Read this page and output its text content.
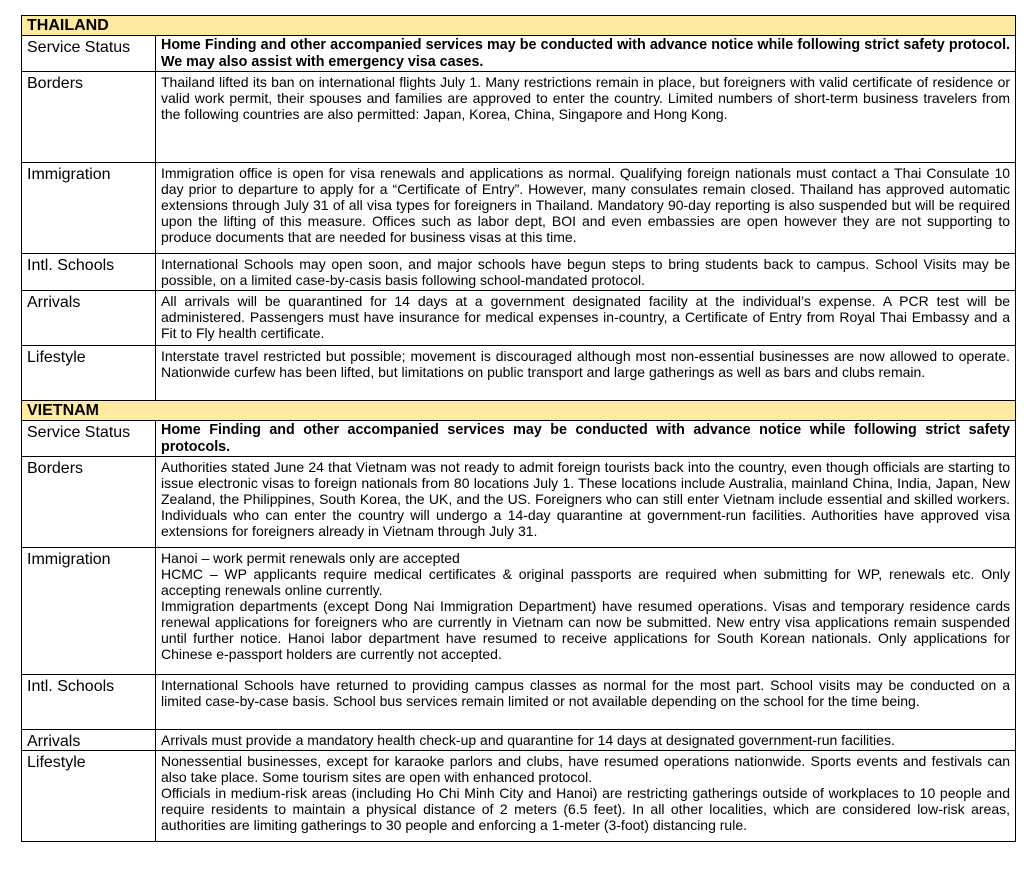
THAILAND	
Service Status	Home Finding and other accompanied services may be conducted with advance notice while following strict safety protocol. We may also assist with emergency visa cases.

Borders	Thailand lifted its ban on international flights July 1. Many restrictions remain in place, but foreigners with valid certificate of residence or valid work permit, their spouses and families are approved to enter the country. Limited numbers of short-term business travelers from the following countries are also permitted: Japan, Korea, China, Singapore and Hong Kong.

Immigration	Immigration office is open for visa renewals and applications as normal. Qualifying foreign nationals must contact a Thai Consulate 10 day prior to departure to apply for a “Certificate of Entry”. However, many consulates remain closed. Thailand has approved automatic extensions through July 31 of all visa types for foreigners in Thailand. Mandatory 90-day reporting is also suspended but will be required upon the lifting of this measure. Offices such as labor dept, BOI and even embassies are open however they are not supporting to produce documents that are needed for business visas at this time.

Intl. Schools	International Schools may open soon, and major schools have begun steps to bring students back to campus. School Visits may be possible, on a limited case-by-casis basis following school-mandated protocol.

Arrivals	All arrivals will be quarantined for 14 days at a government designated facility at the individual’s expense. A PCR test will be administered. Passengers must have insurance for medical expenses in-country, a Certificate of Entry from Royal Thai Embassy and a Fit to Fly health certificate.

Lifestyle	Interstate travel restricted but possible; movement is discouraged although most non-essential businesses are now allowed to operate. Nationwide curfew has been lifted, but limitations on public transport and large gatherings as well as bars and clubs remain.

VIETNAM	
Service Status	Home Finding and other accompanied services may be conducted with advance notice while following strict safety protocols.

Borders	Authorities stated June 24 that Vietnam was not ready to admit foreign tourists back into the country, even though officials are starting to issue electronic visas to foreign nationals from 80 locations July 1. These locations include Australia, mainland China, India, Japan, New Zealand, the Philippines, South Korea, the UK, and the US. Foreigners who can still enter Vietnam include essential and skilled workers. Individuals who can enter the country will undergo a 14-day quarantine at government-run facilities. Authorities have approved visa extensions for foreigners already in Vietnam through July 31.

Immigration	Hanoi – work permit renewals only are accepted

HCMC – WP applicants require medical certificates & original passports are required when submitting for WP, renewals etc. Only accepting renewals online currently.

Immigration departments (except Dong Nai Immigration Department) have resumed operations. Visas and temporary residence cards renewal applications for foreigners who are currently in Vietnam can now be submitted. New entry visa applications remain suspended until further notice. Hanoi labor department have resumed to receive applications for South Korean nationals. Only applications for Chinese e-passport holders are currently not accepted.

Intl. Schools	International Schools have returned to providing campus classes as normal for the most part. School visits may be conducted on a limited case-by-case basis. School bus services remain limited or not available depending on the school for the time being.

Arrivals	Arrivals must provide a mandatory health check-up and quarantine for 14 days at designated government-run facilities.

Lifestyle	Nonessential businesses, except for karaoke parlors and clubs, have resumed operations nationwide. Sports events and festivals can also take place. Some tourism sites are open with enhanced protocol.

Officials in medium-risk areas (including Ho Chi Minh City and Hanoi) are restricting gatherings outside of workplaces to 10 people and require residents to maintain a physical distance of 2 meters (6.5 feet). In all other localities, which are considered low-risk areas, authorities are limiting gatherings to 30 people and enforcing a 1-meter (3-foot) distancing rule.
